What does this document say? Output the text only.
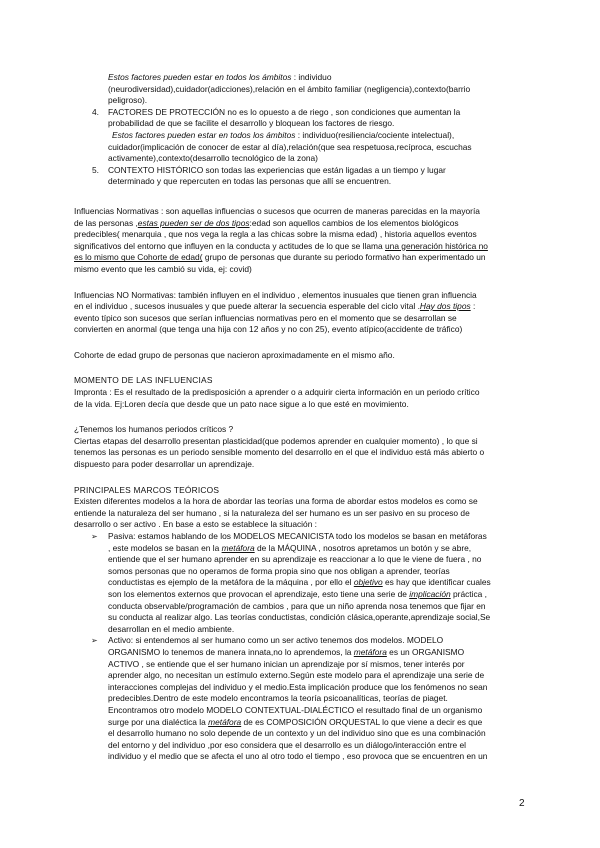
Estos factores pueden estar en todos los ámbitos : individuo

(neurodiversidad),cuidador(adicciones),relación en el ámbito familiar (negligencia),contexto(barrio

peligroso).

4. FACTORES DE PROTECCIÓN no es lo opuesto a de riego , son condiciones que aumentan la

probabilidad de que se facilite el desarrollo y bloquean los factores de riesgo.

Estos factores pueden estar en todos los ámbitos : individuo(resiliencia/cociente intelectual),

cuidador(implicación de conocer de estar al día),relación(que sea respetuosa,recíproca, escuchas

activamente),contexto(desarrollo tecnológico de la zona)

5. CONTEXTO HISTÓRICO son todas las experiencias que están ligadas a un tiempo y lugar

determinado y que repercuten en todas las personas que allí se encuentren.

Influencias Normativas : son aquellas influencias o sucesos que ocurren de maneras parecidas en la mayoría

de las personas ,estas pueden ser de dos tipos:edad son aquellos cambios de los elementos biológicos

predecibles( menarquia , que nos vega la regla a las chicas sobre la misma edad) , historia aquellos eventos

significativos del entorno que influyen en la conducta y actitudes de lo que se llama una generación histórica no

es lo mismo que Cohorte de edad( grupo de personas que durante su periodo formativo han experimentado un

mismo evento que les cambió su vida, ej: covid)

Influencias NO Normativas: también influyen en el individuo , elementos inusuales que tienen gran influencia

en el individuo , sucesos inusuales y que puede alterar la secuencia esperable del ciclo vital .Hay dos tipos :

evento típico son sucesos que serían influencias normativas pero en el momento que se desarrollan se

convierten en anormal (que tenga una hija con 12 años y no con 25), evento atípico(accidente de tráfico)

Cohorte de edad grupo de personas que nacieron aproximadamente en el mismo año.

MOMENTO DE LAS INFLUENCIAS

Impronta : Es el resultado de la predisposición a aprender o a adquirir cierta información en un periodo crítico

de la vida. Ej:Loren decía que desde que un pato nace sigue a lo que esté en movimiento.

¿Tenemos los humanos periodos críticos ?

Ciertas etapas del desarrollo presentan plasticidad(que podemos aprender en cualquier momento) , lo que si

tenemos las personas es un periodo sensible momento del desarrollo en el que el individuo está más abierto o

dispuesto para poder desarrollar un aprendizaje.

PRINCIPALES MARCOS TEÓRICOS

Existen diferentes modelos a la hora de abordar las teorías una forma de abordar estos modelos es como se

entiende la naturaleza del ser humano , si la naturaleza del ser humano es un ser pasivo en su proceso de

desarrollo o ser activo . En base a esto se establece la situación :

➢ Pasiva: estamos hablando de los MODELOS MECANICISTA todo los modelos se basan en metáforas

, este modelos se basan en la metáfora de la MÁQUINA , nosotros apretamos un botón y se abre,

entiende que el ser humano aprender en su aprendizaje es reaccionar a lo que le viene de fuera , no

somos personas que no operamos de forma propia sino que nos obligan a aprender, teorías

conductistas es ejemplo de la metáfora de la máquina , por ello el objetivo es hay que identificar cuales

son los elementos externos que provocan el aprendizaje, esto tiene una serie de implicación práctica ,

conducta observable/programación de cambios , para que un niño aprenda nosa tenemos que fijar en

su conducta al realizar algo. Las teorías conductistas, condición clásica,operante,aprendizaje social,Se

desarrollan en el medio ambiente.

➢ Activo: si entendemos al ser humano como un ser activo tenemos dos modelos. MODELO

ORGANISMO lo tenemos de manera innata,no lo aprendemos, la metáfora es un ORGANISMO

ACTIVO , se entiende que el ser humano inician un aprendizaje por sí mismos, tener interés por

aprender algo, no necesitan un estímulo externo.Según este modelo para el aprendizaje una serie de

interacciones complejas del individuo y el medio.Esta implicación produce que los fenómenos no sean

predecibles.Dentro de este modelo encontramos la teoría psicoanalíticas, teorías de piaget.

Encontramos otro modelo MODELO CONTEXTUAL-DIALÉCTICO el resultado final de un organismo

surge por una dialéctica la metáfora de es COMPOSICIÓN ORQUESTAL lo que viene a decir es que

el desarrollo humano no solo depende de un contexto y un del individuo sino que es una combinación

del entorno y del individuo ,por eso considera que el desarrollo es un diálogo/interacción entre el

individuo y el medio que se afecta el uno al otro todo el tiempo , eso provoca que se encuentren en un

2
